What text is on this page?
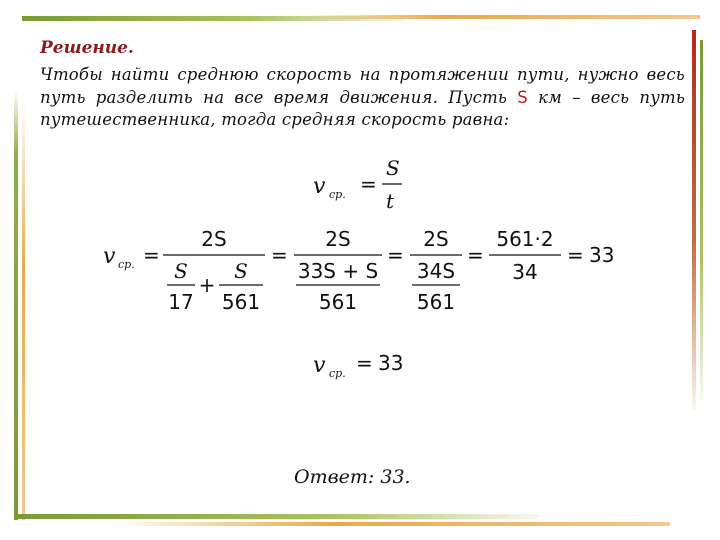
Решение.
Чтобы найти среднюю скорость на протяжении пути, нужно весь путь разделить на все время движения. Пусть S км – весь путь путешественника, тогда средняя скорость равна:
v ср. =
S
t
v ср. =
2S
S
17
+
S
561
=
2S
33S + S
561
=
2S
34S
561
=
561·2
34
= 33
v ср. = 33
Ответ: 33.
